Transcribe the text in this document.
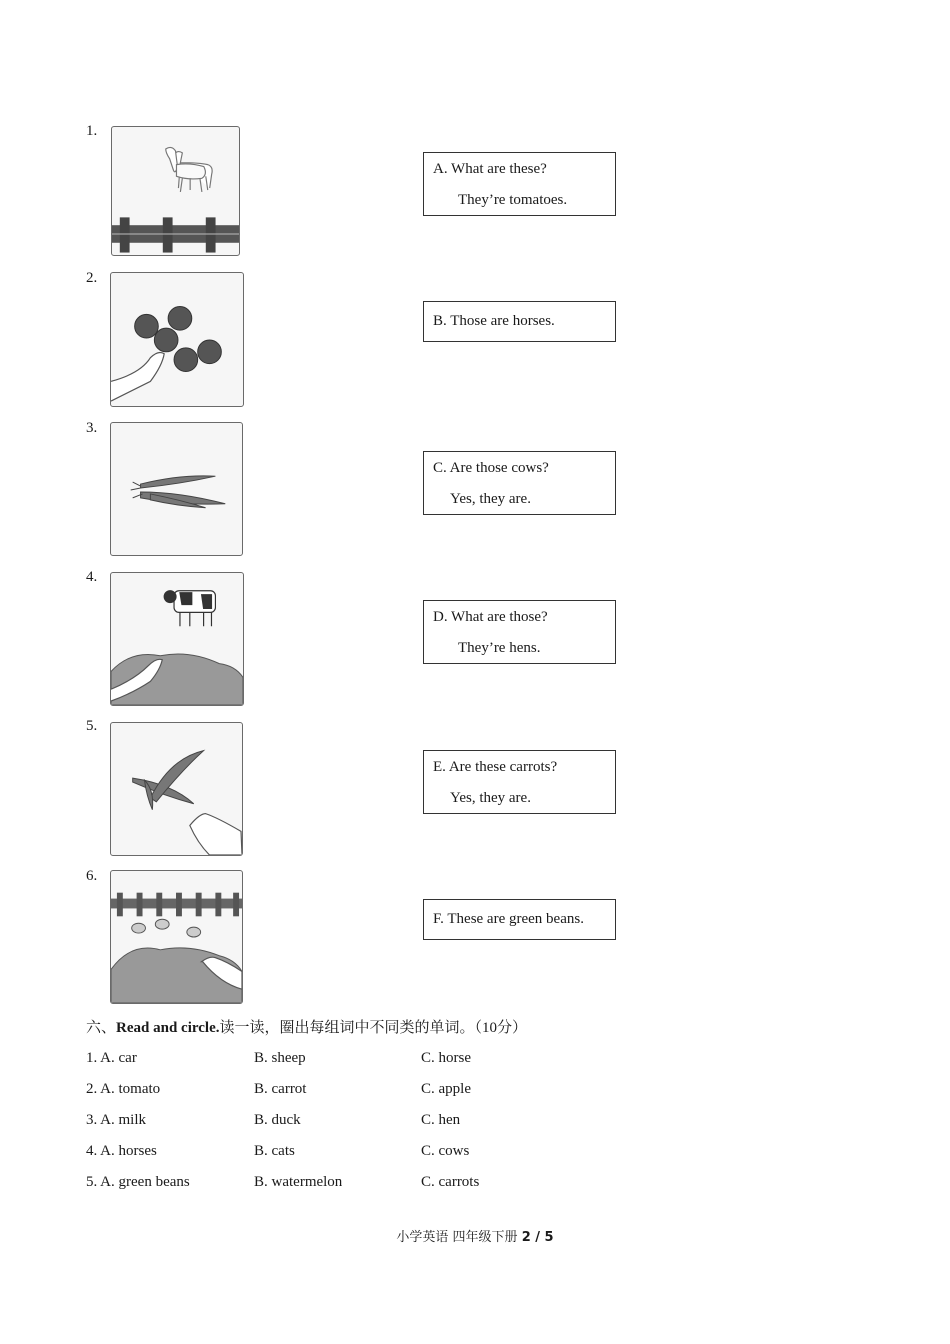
1.
2.
3.
4.
5.
6.
A. What are these?
They’re tomatoes.
B. Those are horses.
C. Are those cows?
Yes, they are.
D. What are those?
They’re hens.
E. Are these carrots?
Yes, they are.
F. These are green beans.
六、Read and circle.读一读，圈出每组词中不同类的单词。（10分）
1. A. car	B. sheep	C. horse
2. A. tomato	B. carrot	C. apple
3. A. milk	B. duck	C. hen
4. A. horses	B. cats	C. cows
5. A. green beans	B. watermelon	C. carrots
小学英语 四年级下册 2 / 5
